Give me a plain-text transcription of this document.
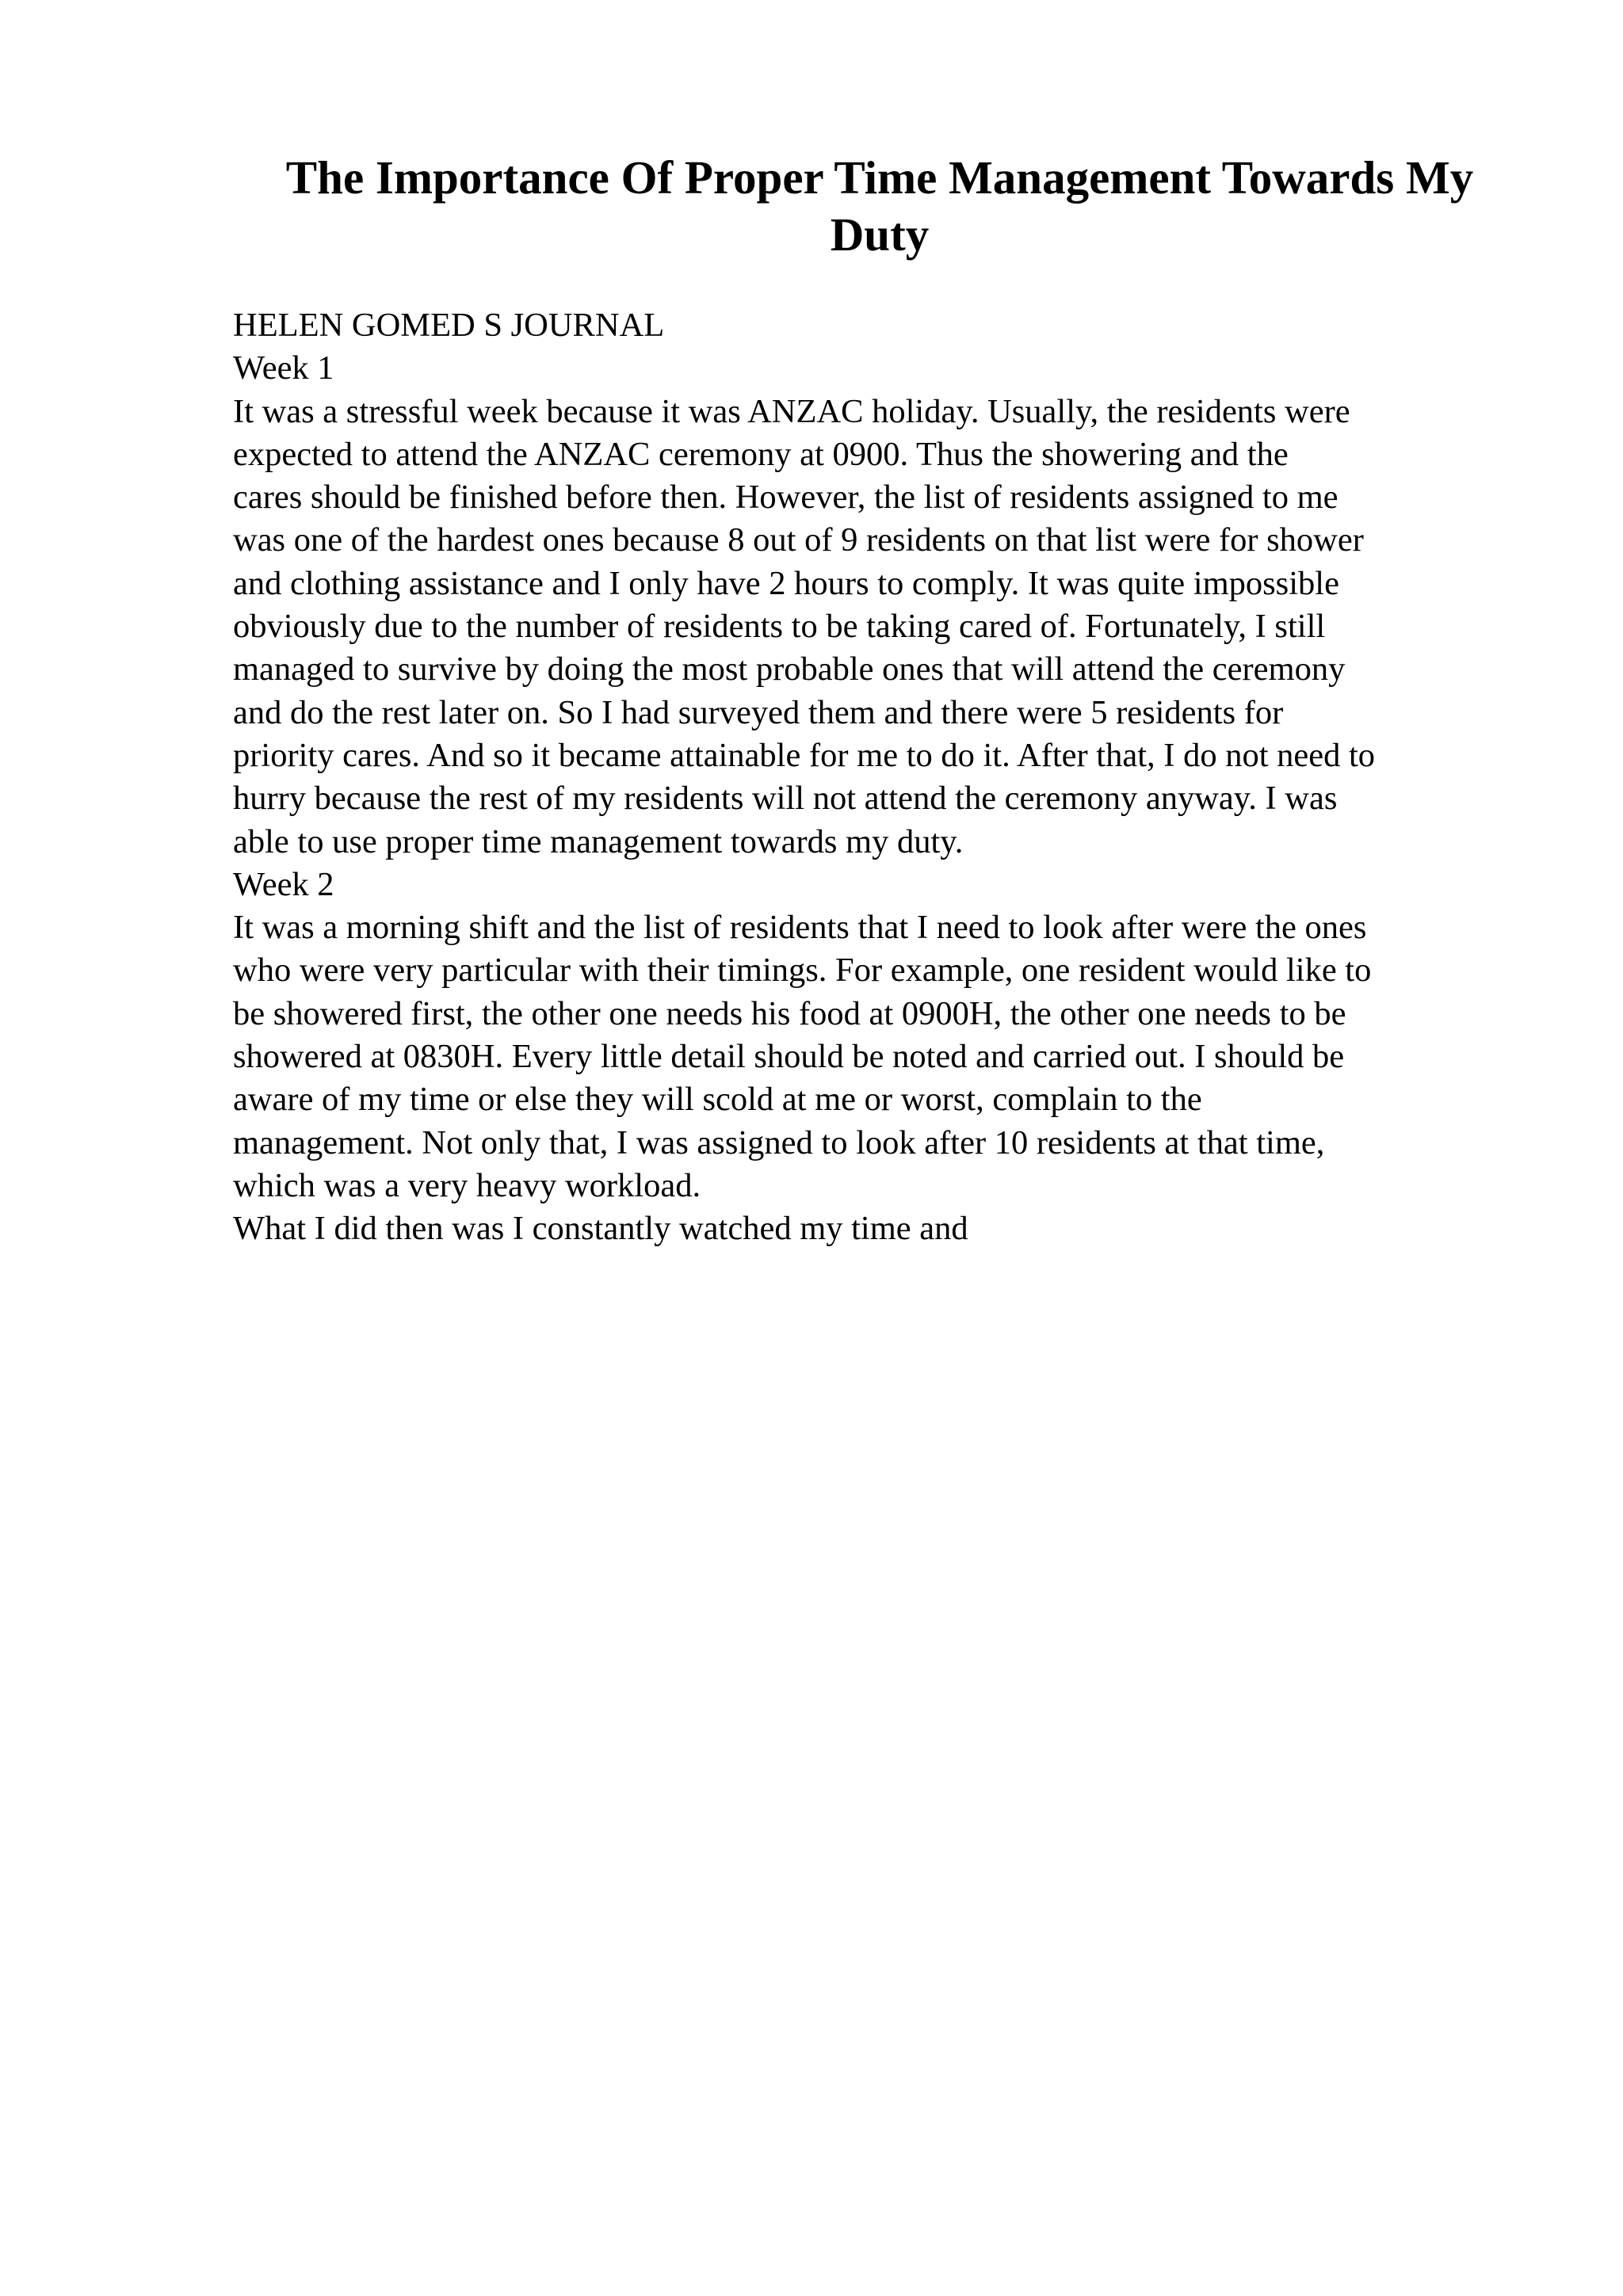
The Importance Of Proper Time Management Towards My
Duty
HELEN GOMED S JOURNAL
Week 1
It was a stressful week because it was ANZAC holiday. Usually, the residents were
expected to attend the ANZAC ceremony at 0900. Thus the showering and the
cares should be finished before then. However, the list of residents assigned to me
was one of the hardest ones because 8 out of 9 residents on that list were for shower
and clothing assistance and I only have 2 hours to comply. It was quite impossible
obviously due to the number of residents to be taking cared of. Fortunately, I still
managed to survive by doing the most probable ones that will attend the ceremony
and do the rest later on. So I had surveyed them and there were 5 residents for
priority cares. And so it became attainable for me to do it. After that, I do not need to
hurry because the rest of my residents will not attend the ceremony anyway. I was
able to use proper time management towards my duty.
Week 2
It was a morning shift and the list of residents that I need to look after were the ones
who were very particular with their timings. For example, one resident would like to
be showered first, the other one needs his food at 0900H, the other one needs to be
showered at 0830H. Every little detail should be noted and carried out. I should be
aware of my time or else they will scold at me or worst, complain to the
management. Not only that, I was assigned to look after 10 residents at that time,
which was a very heavy workload.
What I did then was I constantly watched my time and
